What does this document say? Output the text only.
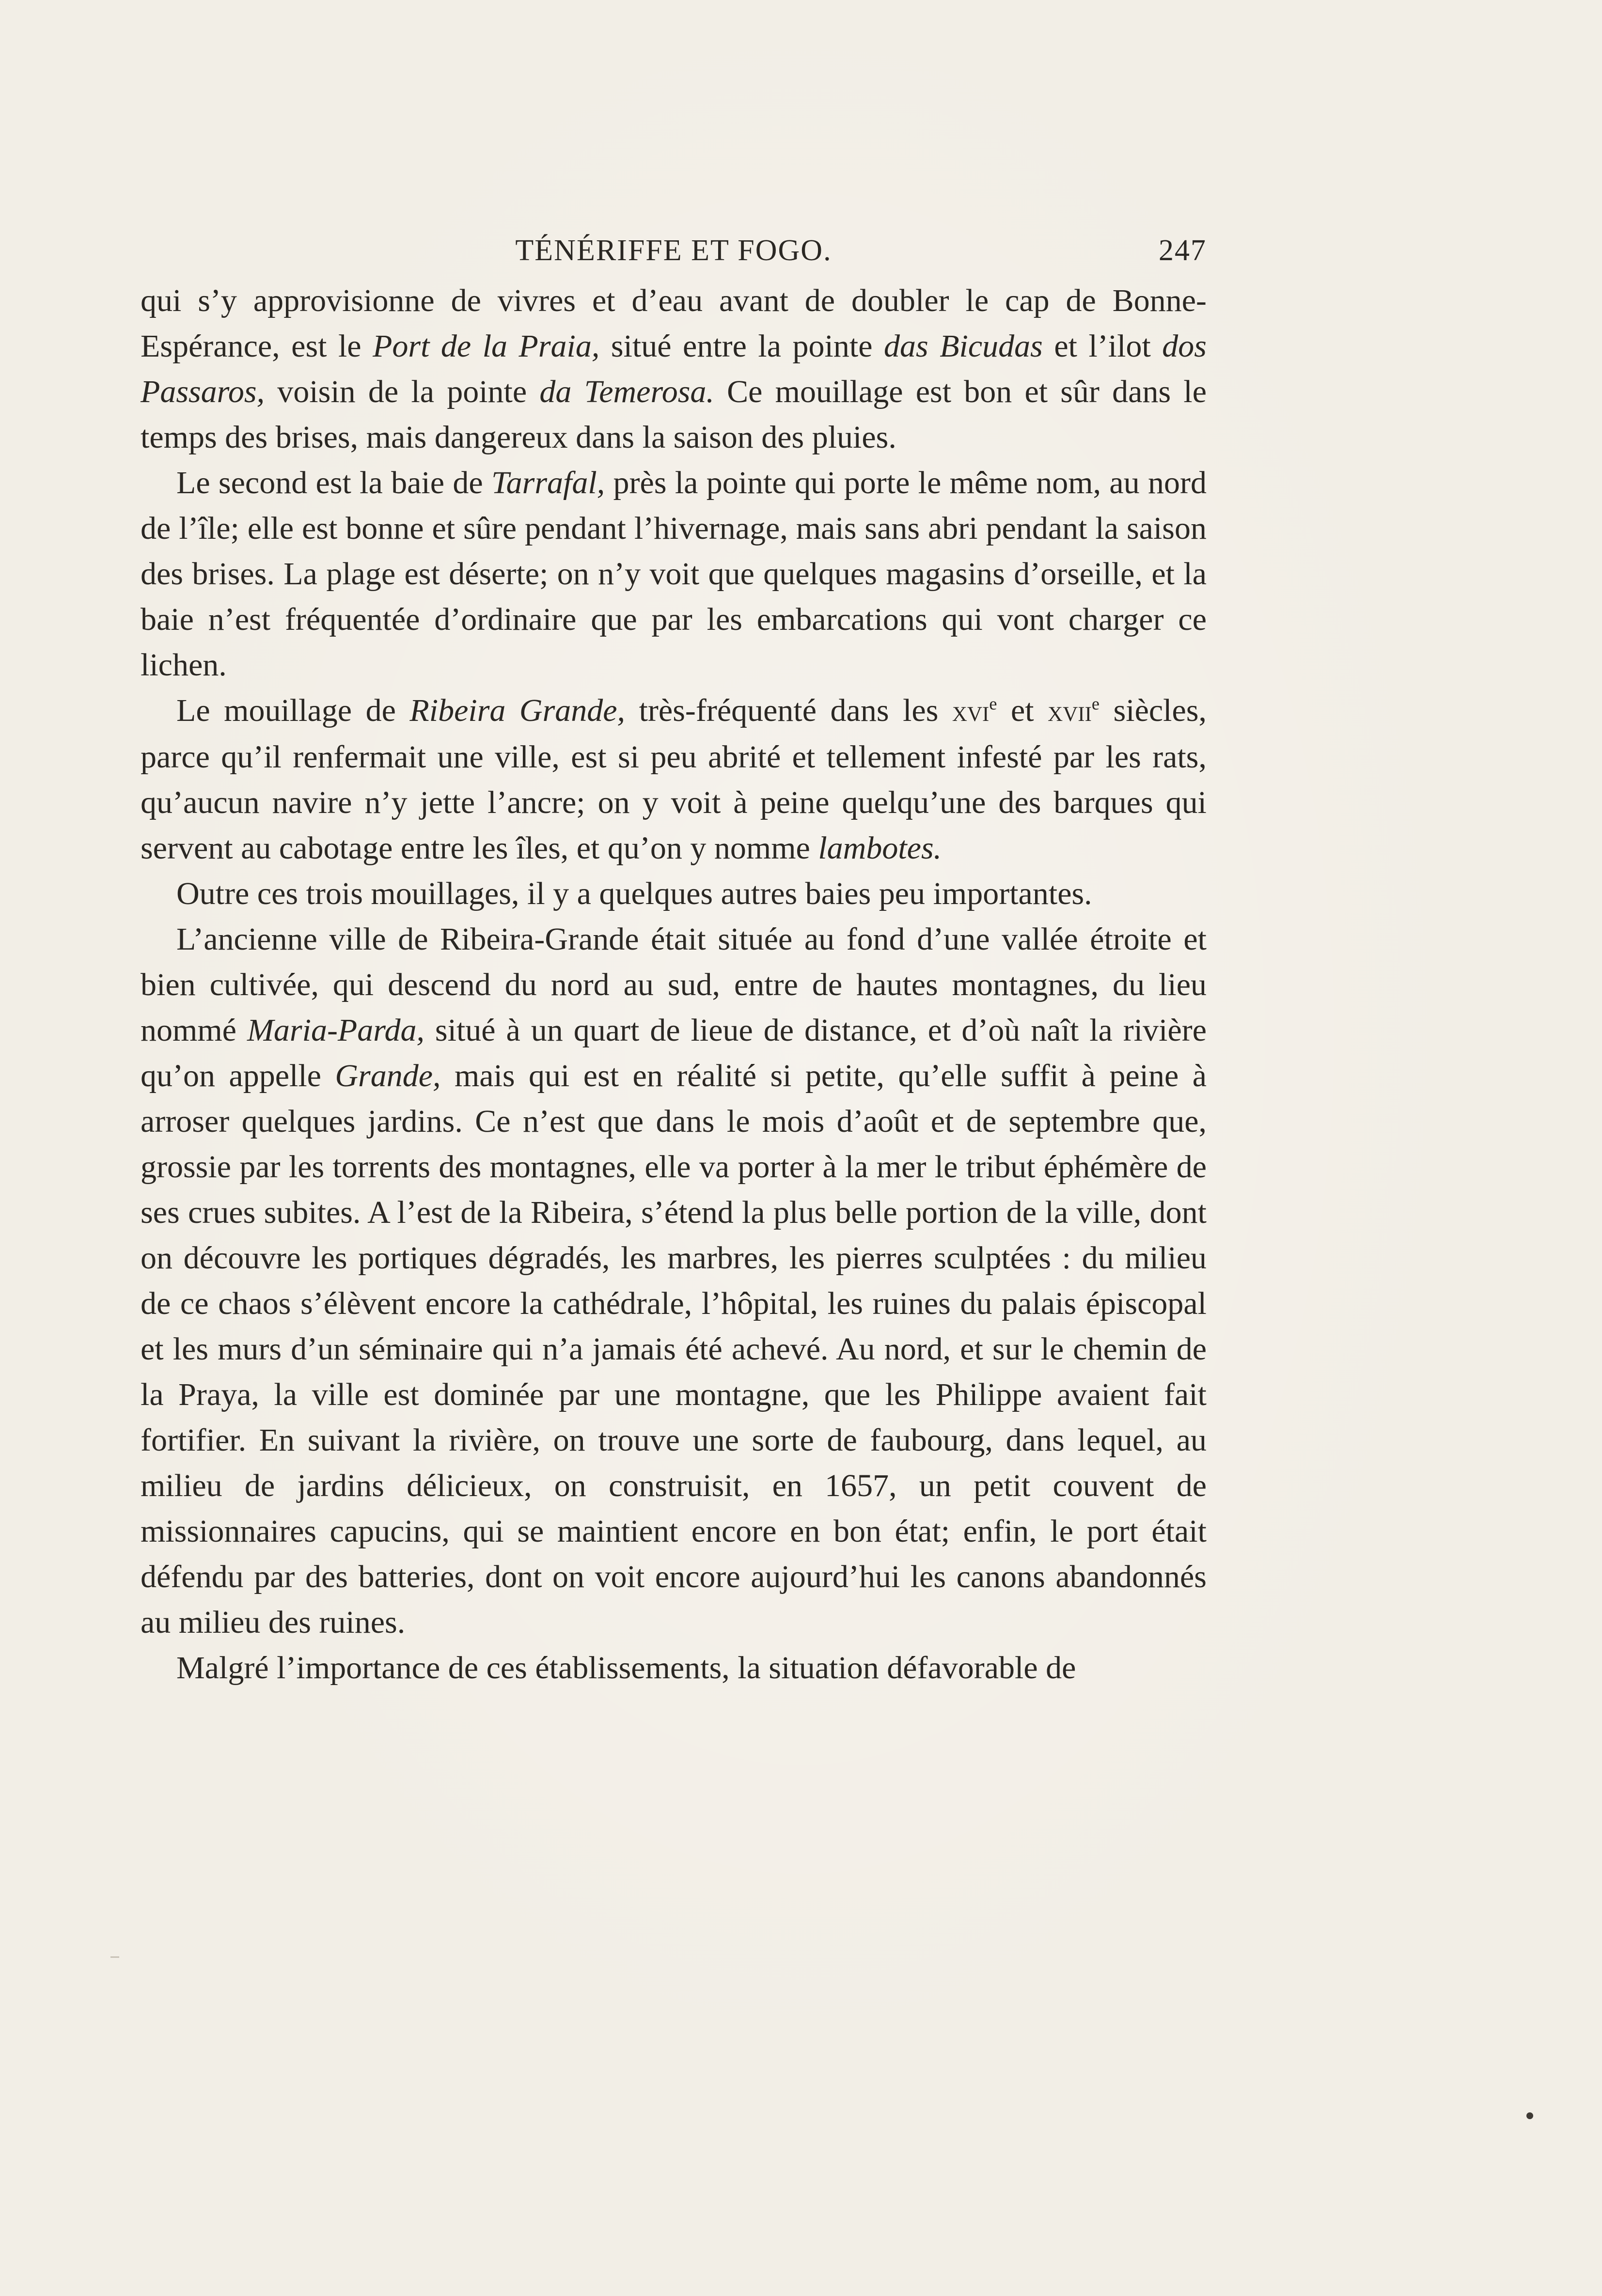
TÉNÉRIFFE ET FOGO.	247

qui s’y approvisionne de vivres et d’eau avant de doubler le cap de Bonne-Espérance, est le Port de la Praia, situé entre la pointe das Bicudas et l’ilot dos Passaros, voisin de la pointe da Temerosa. Ce mouillage est bon et sûr dans le temps des brises, mais dangereux dans la saison des pluies.

Le second est la baie de Tarrafal, près la pointe qui porte le même nom, au nord de l’île; elle est bonne et sûre pendant l’hivernage, mais sans abri pendant la saison des brises. La plage est déserte; on n’y voit que quelques magasins d’orseille, et la baie n’est fréquentée d’ordinaire que par les embarcations qui vont charger ce lichen.

Le mouillage de Ribeira Grande, très-fréquenté dans les xvi$^e$ et xvii$^e$ siècles, parce qu’il renfermait une ville, est si peu abrité et tellement infesté par les rats, qu’aucun navire n’y jette l’ancre; on y voit à peine quelqu’une des barques qui servent au cabotage entre les îles, et qu’on y nomme lambotes.

Outre ces trois mouillages, il y a quelques autres baies peu importantes.

L’ancienne ville de Ribeira-Grande était située au fond d’une vallée étroite et bien cultivée, qui descend du nord au sud, entre de hautes montagnes, du lieu nommé Maria-Parda, situé à un quart de lieue de distance, et d’où naît la rivière qu’on appelle Grande, mais qui est en réalité si petite, qu’elle suffit à peine à arroser quelques jardins. Ce n’est que dans le mois d’août et de septembre que, grossie par les torrents des montagnes, elle va porter à la mer le tribut éphémère de ses crues subites. A l’est de la Ribeira, s’étend la plus belle portion de la ville, dont on découvre les portiques dégradés, les marbres, les pierres sculptées : du milieu de ce chaos s’élèvent encore la cathédrale, l’hôpital, les ruines du palais épiscopal et les murs d’un séminaire qui n’a jamais été achevé. Au nord, et sur le chemin de la Praya, la ville est dominée par une montagne, que les Philippe avaient fait fortifier. En suivant la rivière, on trouve une sorte de faubourg, dans lequel, au milieu de jardins délicieux, on construisit, en 1657, un petit couvent de missionnaires capucins, qui se maintient encore en bon état; enfin, le port était défendu par des batteries, dont on voit encore aujourd’hui les canons abandonnés au milieu des ruines.

Malgré l’importance de ces établissements, la situation défavorable de
